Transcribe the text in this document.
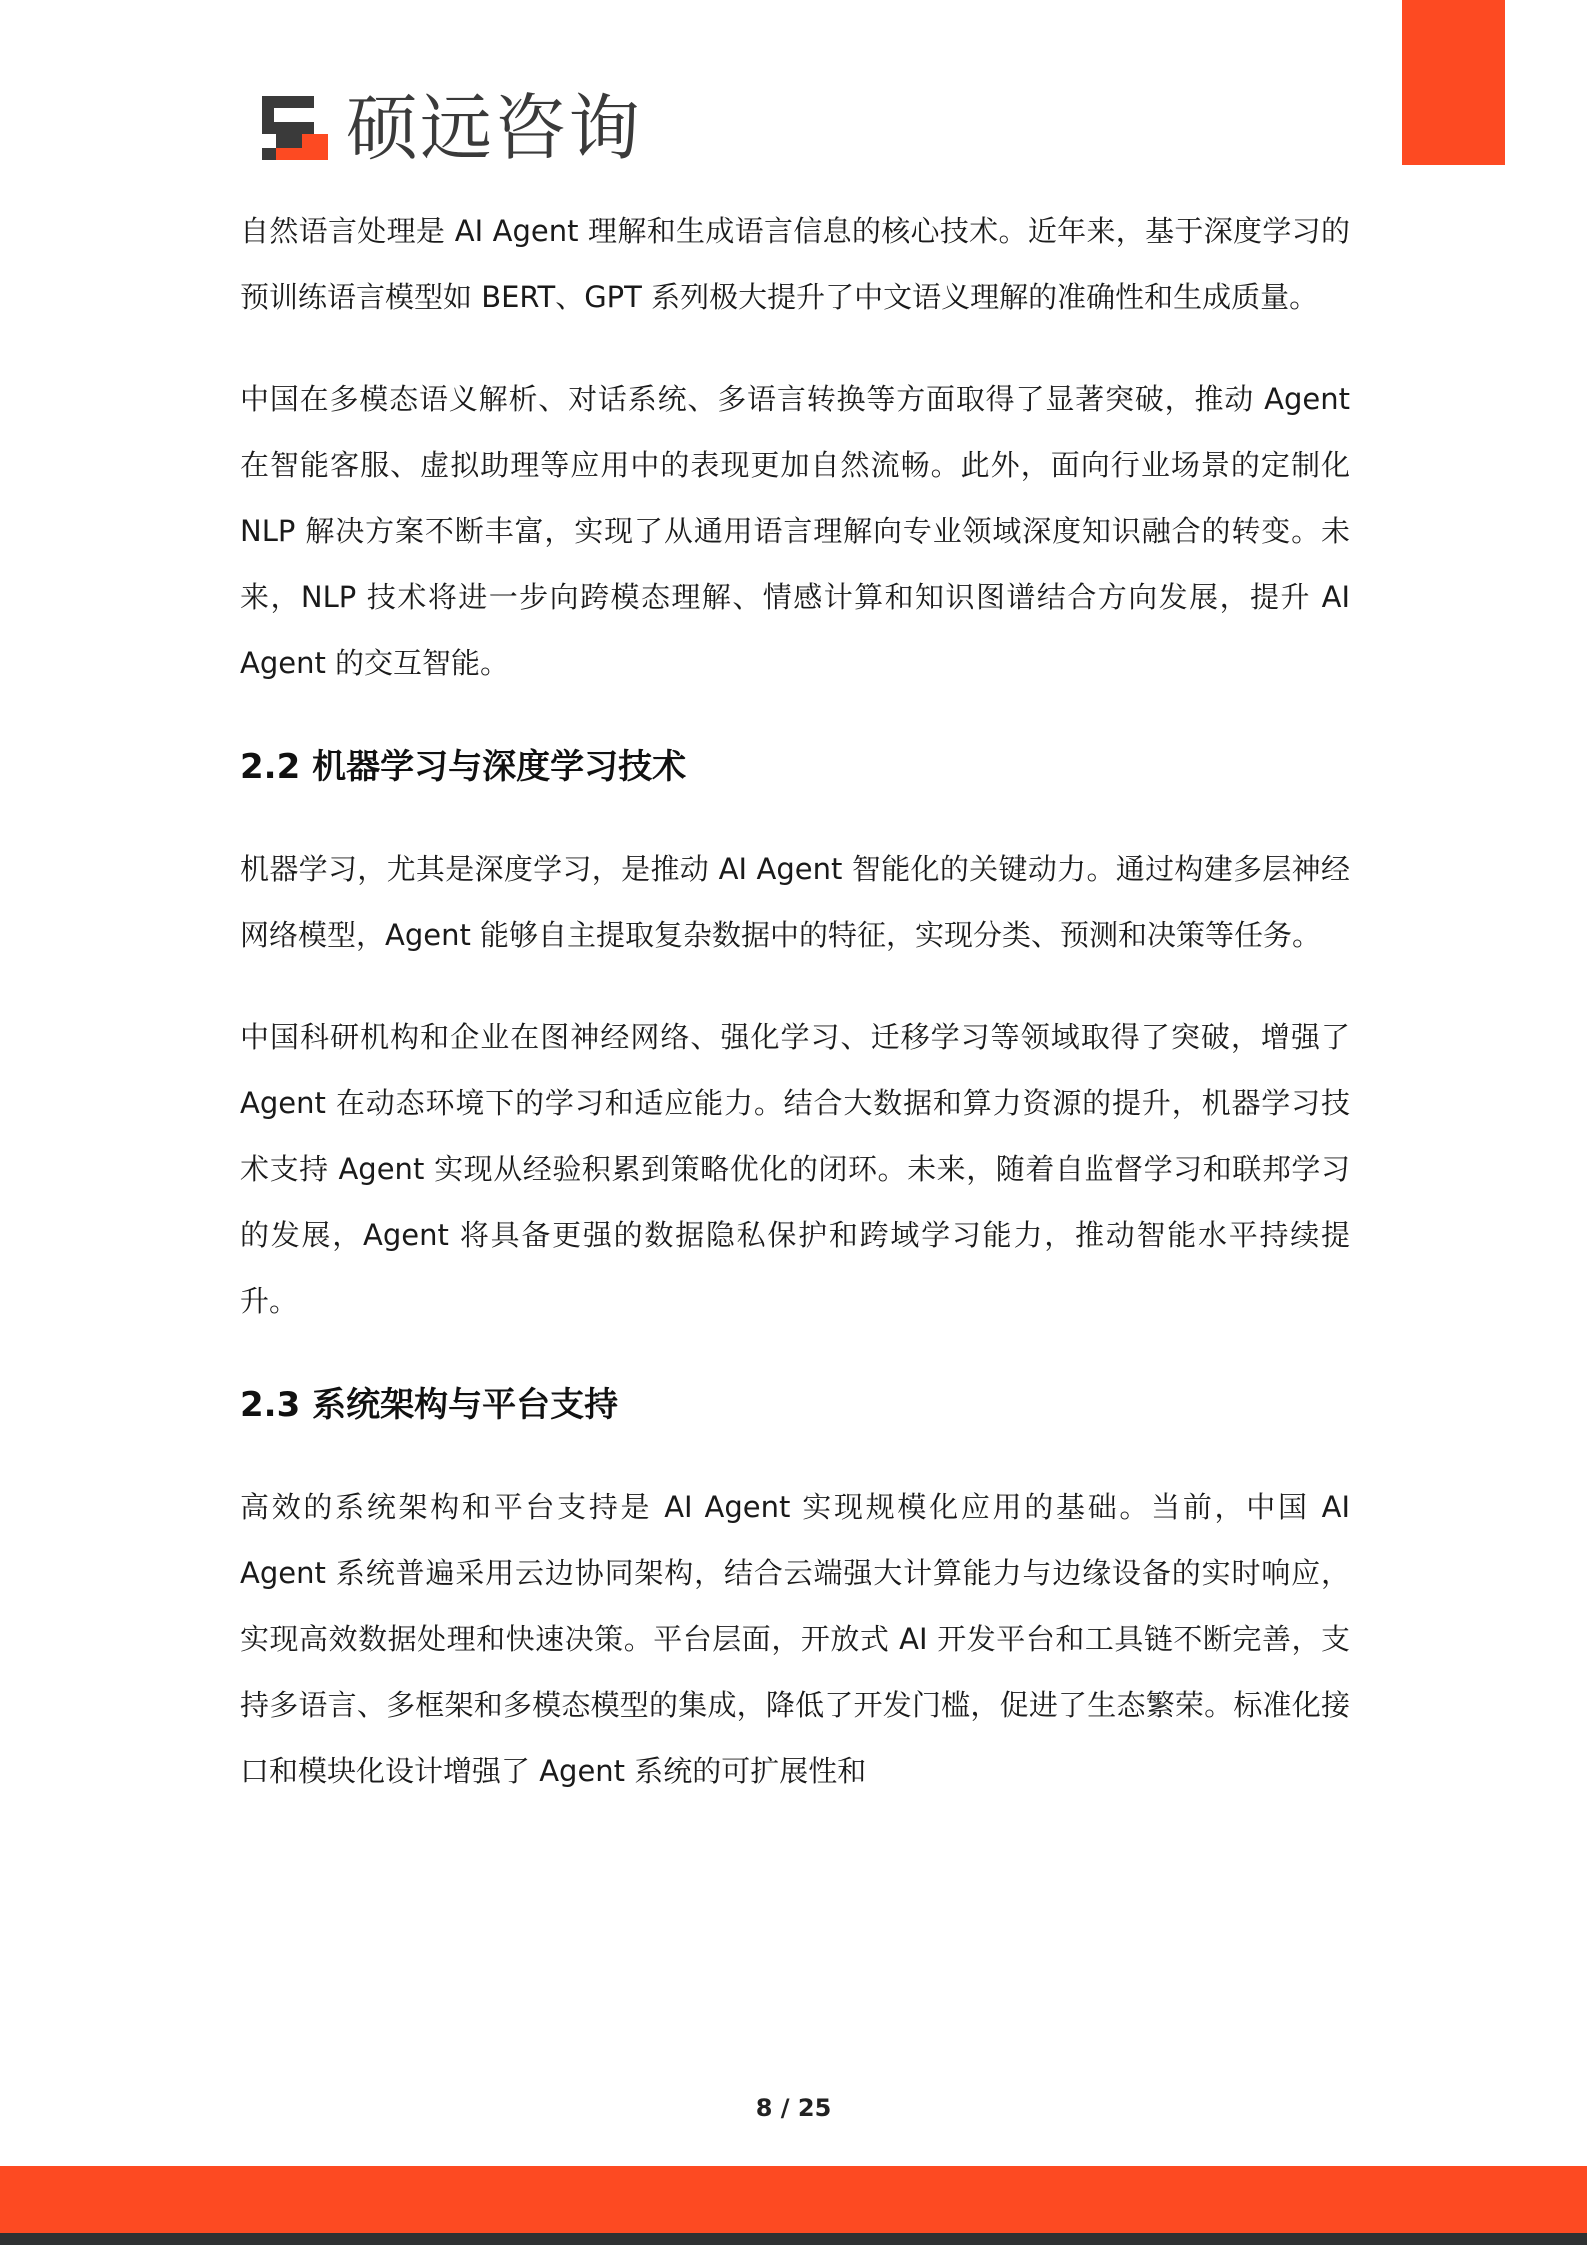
硕远咨询

自然语言处理是 AI Agent 理解和生成语言信息的核心技术。近年来，基于深度学习的预训练语言模型如 BERT、GPT 系列极大提升了中文语义理解的准确性和生成质量。

中国在多模态语义解析、对话系统、多语言转换等方面取得了显著突破，推动 Agent 在智能客服、虚拟助理等应用中的表现更加自然流畅。此外，面向行业场景的定制化 NLP 解决方案不断丰富，实现了从通用语言理解向专业领域深度知识融合的转变。未来，NLP 技术将进一步向跨模态理解、情感计算和知识图谱结合方向发展，提升 AI Agent 的交互智能。

2.2 机器学习与深度学习技术

机器学习，尤其是深度学习，是推动 AI Agent 智能化的关键动力。通过构建多层神经网络模型，Agent 能够自主提取复杂数据中的特征，实现分类、预测和决策等任务。

中国科研机构和企业在图神经网络、强化学习、迁移学习等领域取得了突破，增强了 Agent 在动态环境下的学习和适应能力。结合大数据和算力资源的提升，机器学习技术支持 Agent 实现从经验积累到策略优化的闭环。未来，随着自监督学习和联邦学习的发展，Agent 将具备更强的数据隐私保护和跨域学习能力，推动智能水平持续提升。

2.3 系统架构与平台支持

高效的系统架构和平台支持是 AI Agent 实现规模化应用的基础。当前，中国 AI Agent 系统普遍采用云边协同架构，结合云端强大计算能力与边缘设备的实时响应，实现高效数据处理和快速决策。平台层面，开放式 AI 开发平台和工具链不断完善，支持多语言、多框架和多模态模型的集成，降低了开发门槛，促进了生态繁荣。标准化接口和模块化设计增强了 Agent 系统的可扩展性和

8 / 25
